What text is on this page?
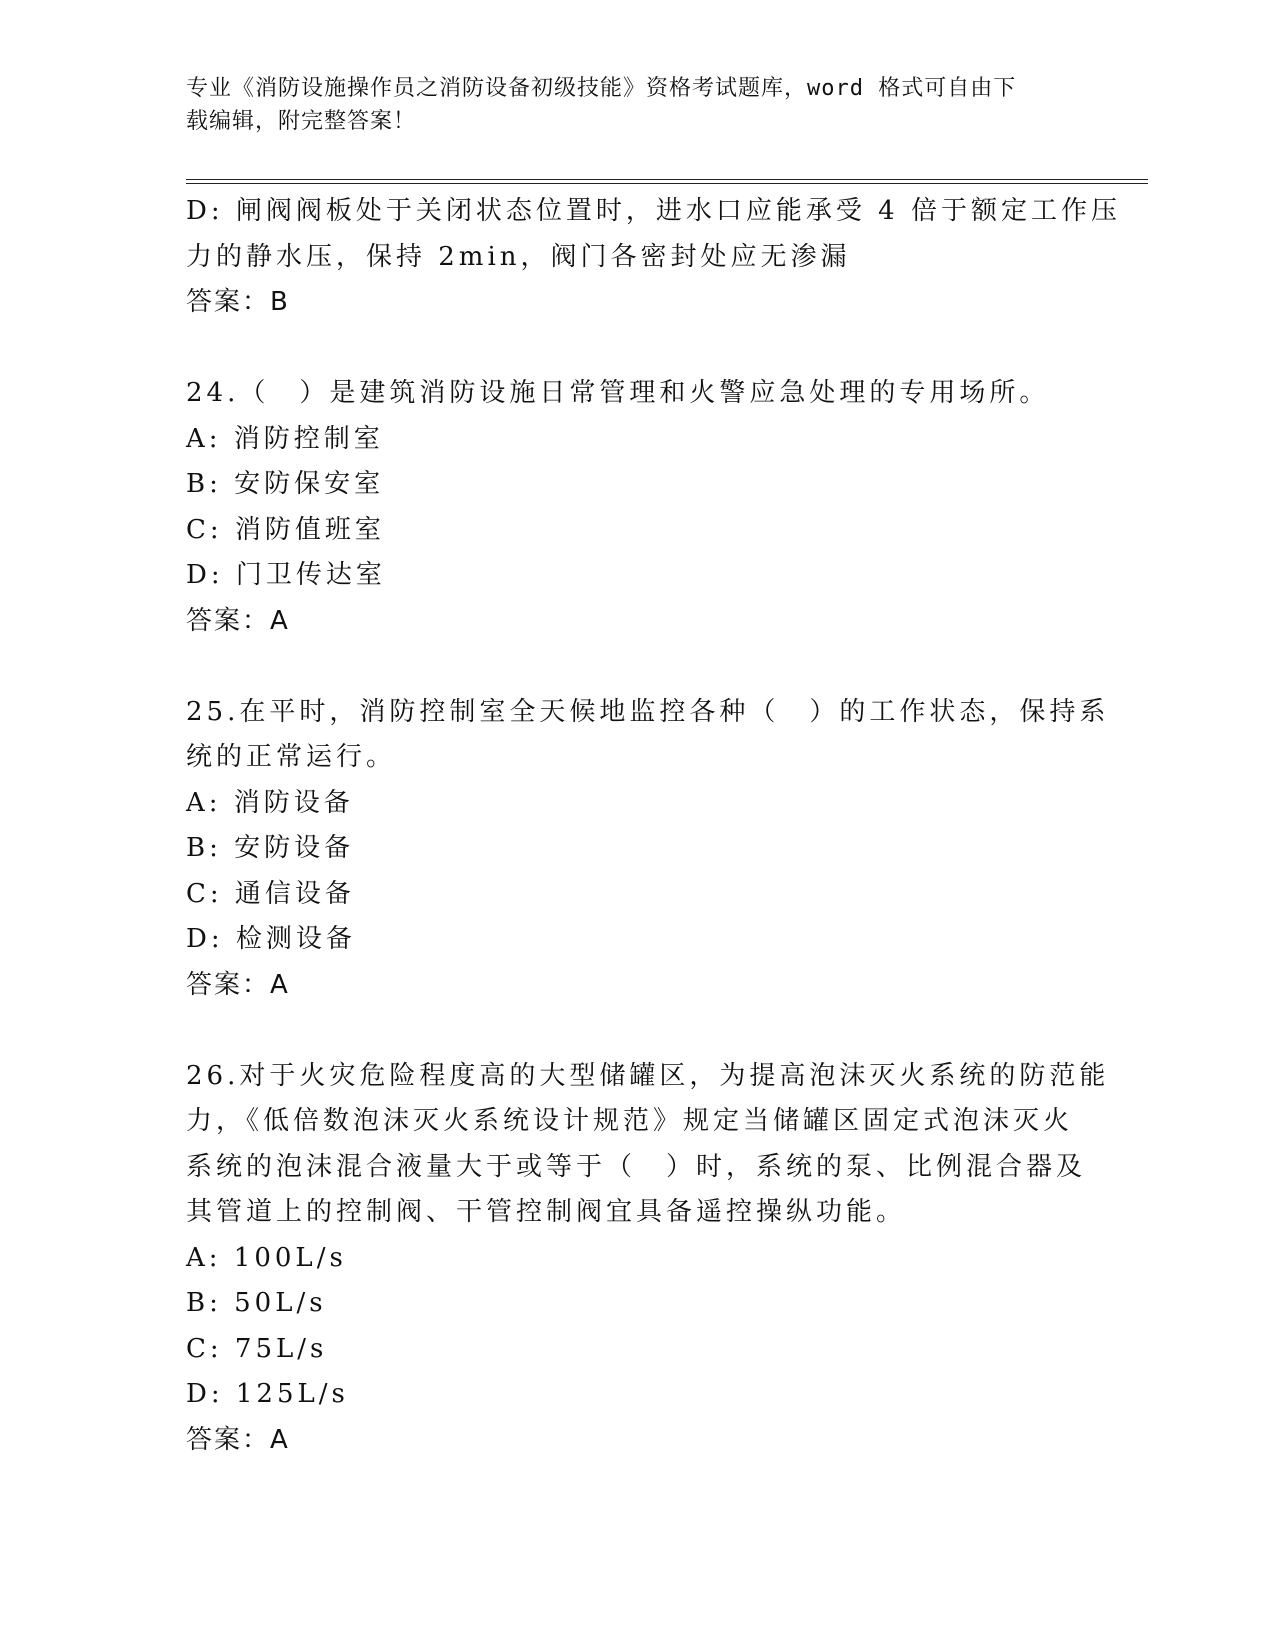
专业《消防设施操作员之消防设备初级技能》资格考试题库，word 格式可自由下
载编辑，附完整答案！
D: 闸阀阀板处于关闭状态位置时，进水口应能承受 4 倍于额定工作压
力的静水压，保持 2min，阀门各密封处应无渗漏
答案：B
24.（　）是建筑消防设施日常管理和火警应急处理的专用场所。
A: 消防控制室
B: 安防保安室
C: 消防值班室
D: 门卫传达室
答案：A
25.在平时，消防控制室全天候地监控各种（　）的工作状态，保持系
统的正常运行。
A: 消防设备
B: 安防设备
C: 通信设备
D: 检测设备
答案：A
26.对于火灾危险程度高的大型储罐区，为提高泡沫灭火系统的防范能
力，《低倍数泡沫灭火系统设计规范》规定当储罐区固定式泡沫灭火
系统的泡沫混合液量大于或等于（　）时，系统的泵、比例混合器及
其管道上的控制阀、干管控制阀宜具备遥控操纵功能。
A: 100L/s
B: 50L/s
C: 75L/s
D: 125L/s
答案：A
